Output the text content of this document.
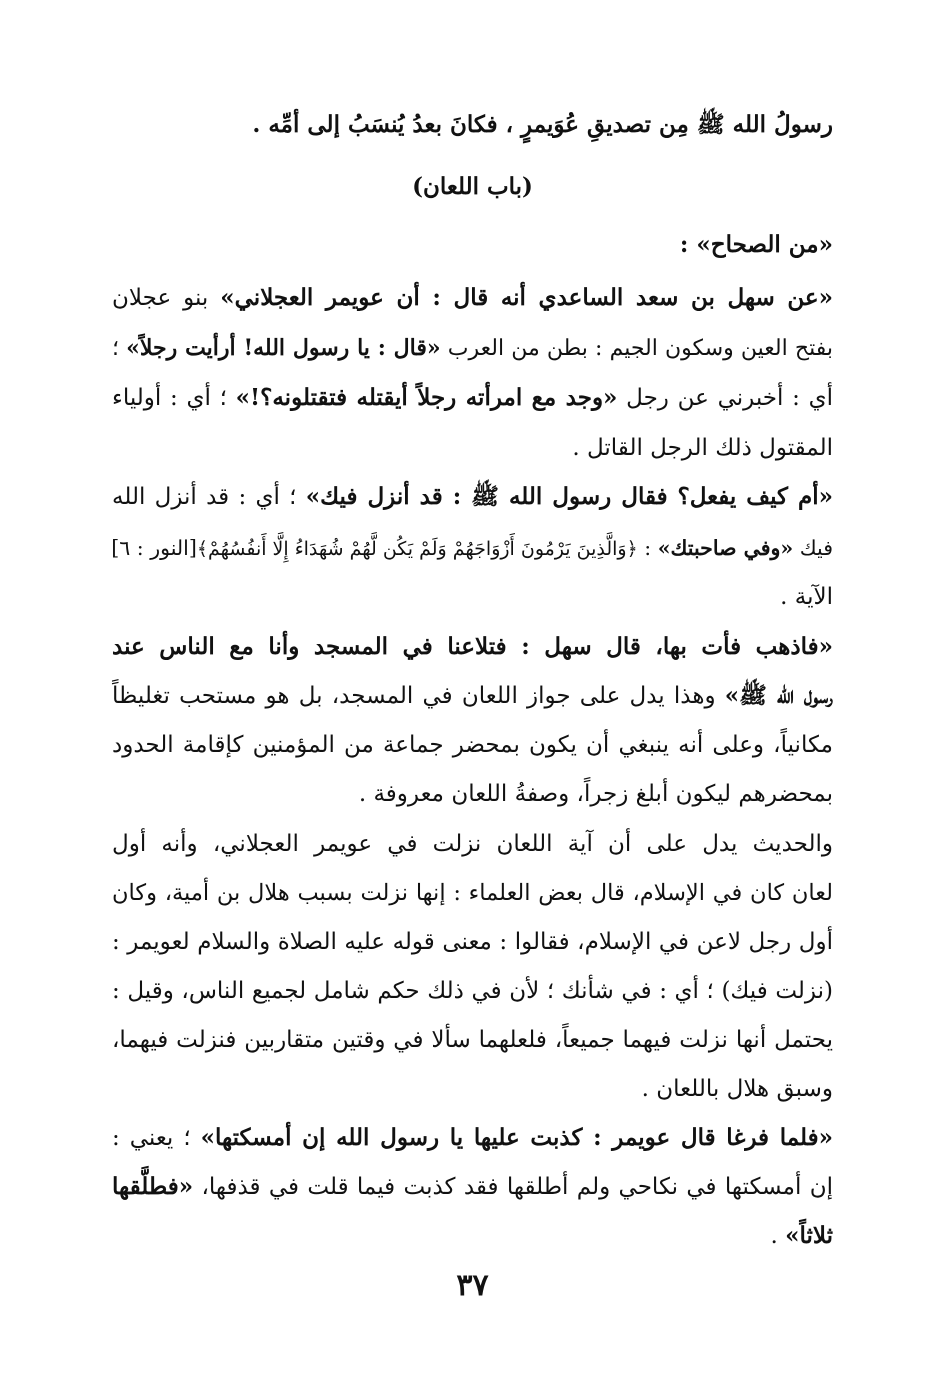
رسولُ الله ﷺ مِن تصديقِ عُوَيمرٍ ، فكانَ بعدُ يُنسَبُ إلى أمِّه .
(باب اللعان)
«من الصحاح» :
«عن سهل بن سعد الساعدي أنه قال : أن عويمر العجلاني» بنو عجلان
بفتح العين وسكون الجيم : بطن من العرب «قال : يا رسول الله! أرأيت رجلاً» ؛
أي : أخبرني عن رجل «وجد مع امرأته رجلاً أيقتله فتقتلونه؟!» ؛ أي : أولياء
المقتول ذلك الرجل القاتل .
«أم كيف يفعل؟ فقال رسول الله ﷺ : قد أنزل فيك» ؛ أي : قد أنزل الله
فيك «وفي صاحبتك» : ﴿وَالَّذِينَ يَرْمُونَ أَزْوَاجَهُمْ وَلَمْ يَكُن لَّهُمْ شُهَدَاءُ إِلَّا أَنفُسُهُمْ﴾[النور : ٦]
الآية .
«فاذهب فأت بها، قال سهل : فتلاعنا في المسجد وأنا مع الناس عند
رسول الله ﷺ» وهذا يدل على جواز اللعان في المسجد، بل هو مستحب تغليظاً
مكانياً، وعلى أنه ينبغي أن يكون بمحضر جماعة من المؤمنين كإقامة الحدود
بمحضرهم ليكون أبلغ زجراً، وصفةُ اللعان معروفة .
والحديث يدل على أن آية اللعان نزلت في عويمر العجلاني، وأنه أول
لعان كان في الإسلام، قال بعض العلماء : إنها نزلت بسبب هلال بن أمية، وكان
أول رجل لاعن في الإسلام، فقالوا : معنى قوله عليه الصلاة والسلام لعويمر :
(نزلت فيك) ؛ أي : في شأنك ؛ لأن في ذلك حكم شامل لجميع الناس، وقيل :
يحتمل أنها نزلت فيهما جميعاً، فلعلهما سألا في وقتين متقاربين فنزلت فيهما،
وسبق هلال باللعان .
«فلما فرغا قال عويمر : كذبت عليها يا رسول الله إن أمسكتها» ؛ يعني :
إن أمسكتها في نكاحي ولم أطلقها فقد كذبت فيما قلت في قذفها، «فطلَّقها
ثلاثاً» .
٣٧
